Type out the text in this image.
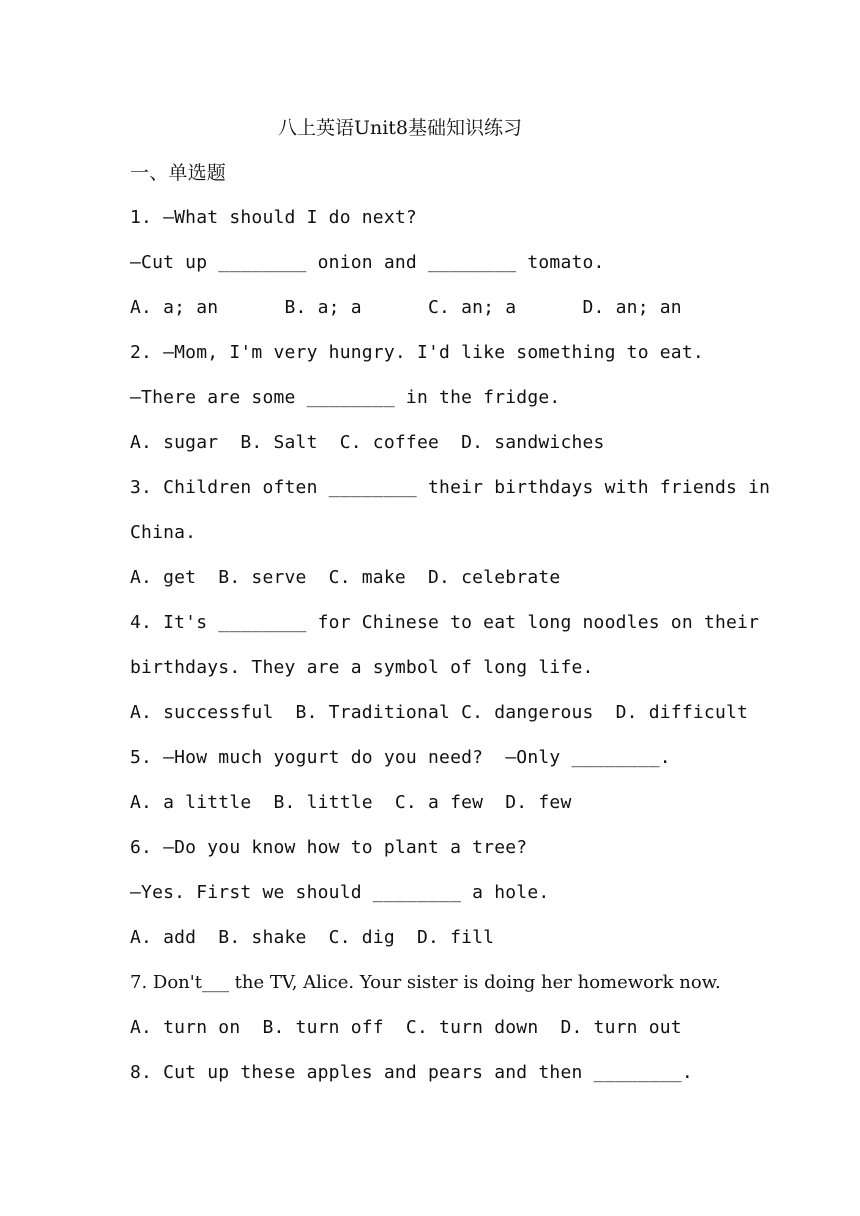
八上英语Unit8基础知识练习
一、单选题
1. —What should I do next?
—Cut up ________ onion and ________ tomato.
A. a; an      B. a; a      C. an; a      D. an; an
2. —Mom, I'm very hungry. I'd like something to eat.
—There are some ________ in the fridge.
A. sugar  B. Salt  C. coffee  D. sandwiches
3. Children often ________ their birthdays with friends in
China.
A. get  B. serve  C. make  D. celebrate
4. It's ________ for Chinese to eat long noodles on their
birthdays. They are a symbol of long life.
A. successful  B. Traditional C. dangerous  D. difficult
5. —How much yogurt do you need?  —Only ________.
A. a little  B. little  C. a few  D. few
6. —Do you know how to plant a tree?
—Yes. First we should ________ a hole.
A. add  B. shake  C. dig  D. fill
7. Don't___ the TV, Alice. Your sister is doing her homework now.
A. turn on  B. turn off  C. turn down  D. turn out
8. Cut up these apples and pears and then ________.
